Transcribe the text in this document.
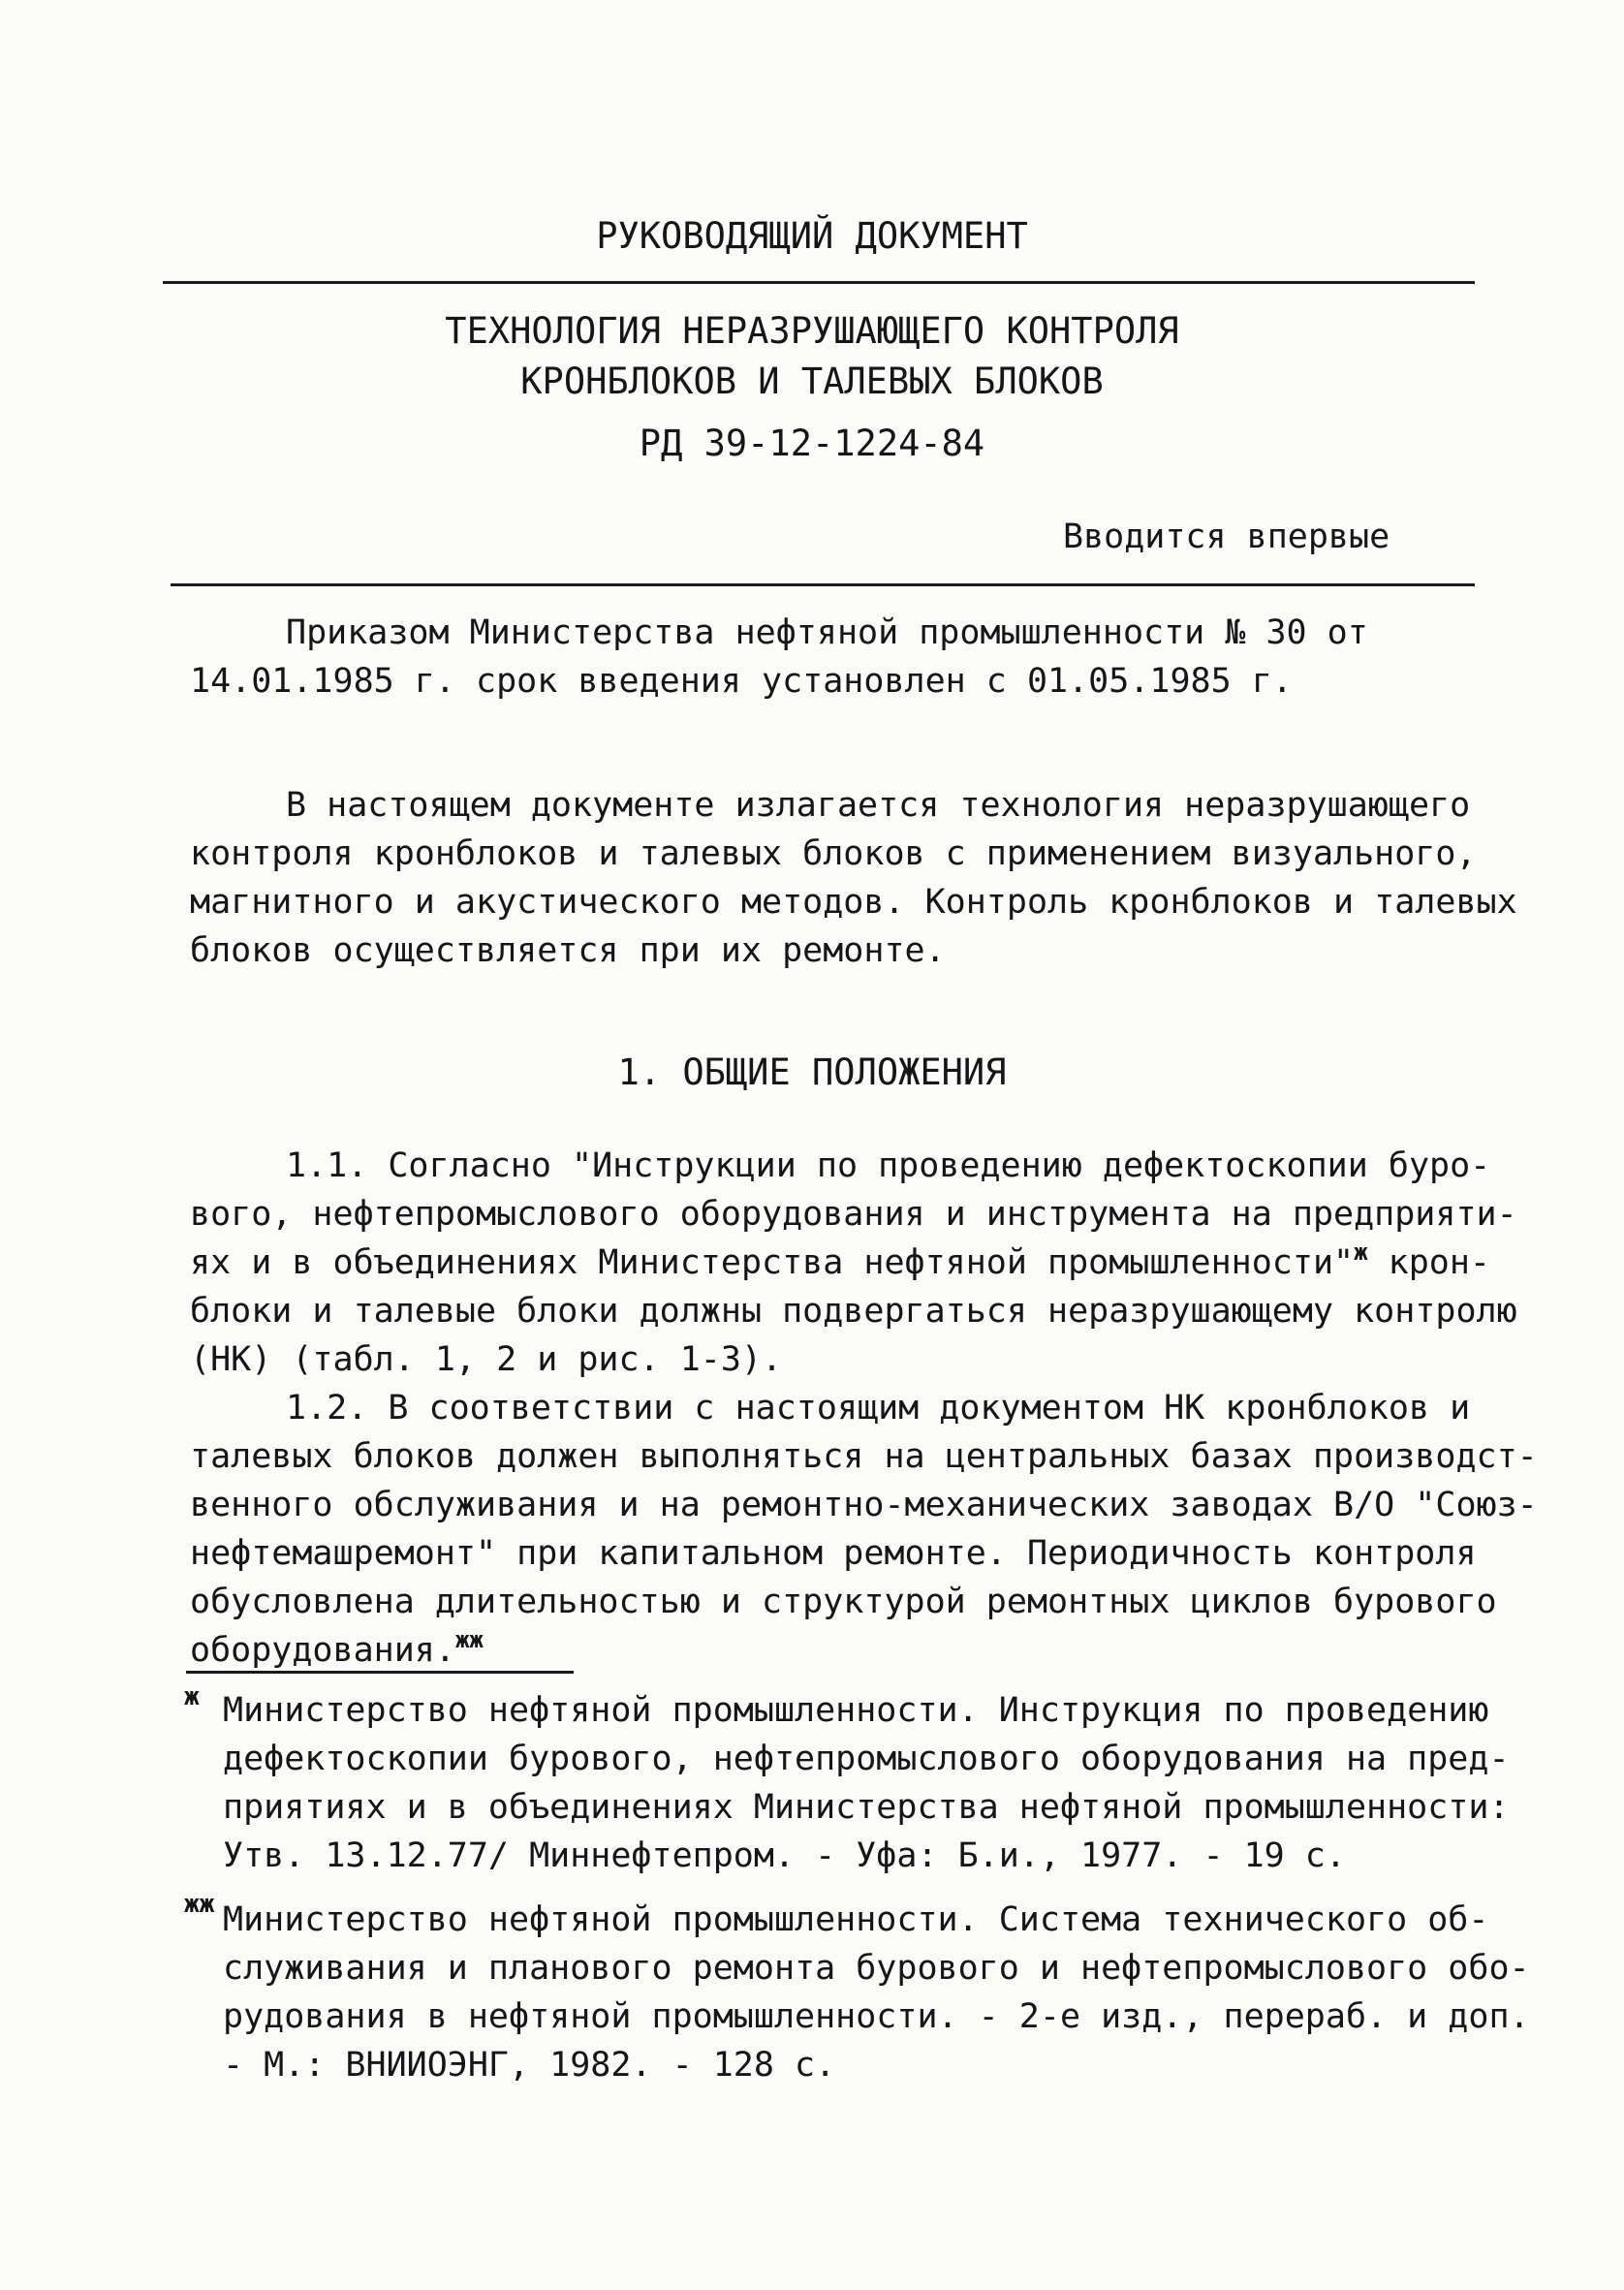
РУКОВОДЯЩИЙ ДОКУМЕНТ
ТЕХНОЛОГИЯ НЕРАЗРУШАЮЩЕГО КОНТРОЛЯ
КРОНБЛОКОВ И ТАЛЕВЫХ БЛОКОВ
РД 39-12-1224-84
Вводится впервые
Приказом Министерства нефтяной промышленности № 30 от
14.01.1985 г. срок введения установлен с 01.05.1985 г.
В настоящем документе излагается технология неразрушающего
контроля кронблоков и талевых блоков с применением визуального,
магнитного и акустического методов. Контроль кронблоков и талевых
блоков осуществляется при их ремонте.
1. ОБЩИЕ ПОЛОЖЕНИЯ
1.1. Согласно "Инструкции по проведению дефектоскопии буро-
вого, нефтепромыслового оборудования и инструмента на предприяти-
ях и в объединениях Министерства нефтяной промышленности"$^ж$ крон-
блоки и талевые блоки должны подвергаться неразрушающему контролю
(НК) (табл. 1, 2 и рис. 1-3).
1.2. В соответствии с настоящим документом НК кронблоков и
талевых блоков должен выполняться на центральных базах производст-
венного обслуживания и на ремонтно-механических заводах В/О "Союз-
нефтемашремонт" при капитальном ремонте. Периодичность контроля
обусловлена длительностью и структурой ремонтных циклов бурового
оборудования.$^{жж}$
ж Министерство нефтяной промышленности. Инструкция по проведению
дефектоскопии бурового, нефтепромыслового оборудования на пред-
приятиях и в объединениях Министерства нефтяной промышленности:
Утв. 13.12.77/ Миннефтепром. - Уфа: Б.и., 1977. - 19 с.
жж Министерство нефтяной промышленности. Система технического об-
служивания и планового ремонта бурового и нефтепромыслового обо-
рудования в нефтяной промышленности. - 2-е изд., перераб. и доп.
- М.: ВНИИОЭНГ, 1982. - 128 с.
